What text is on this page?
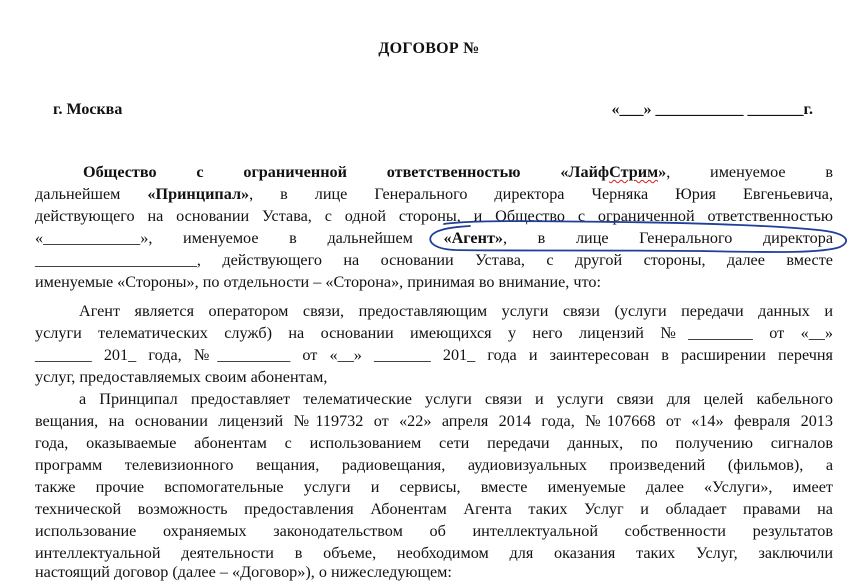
ДОГОВОР №
г. Москва	«___» ___________ _______г.
Общество с ограниченной ответственностью «ЛайфСтрим», именуемое в
дальнейшем «Принципал», в лице Генерального директора Черняка Юрия Евгеньевича,
действующего на основании Устава, с одной стороны, и Общество с ограниченной ответственностью
«____________», именуемое в дальнейшем «Агент», в лице Генерального директора
____________________, действующего на основании Устава, с другой стороны, далее вместе
именуемые «Стороны», по отдельности – «Сторона», принимая во внимание, что:
Агент является оператором связи, предоставляющим услуги связи (услуги передачи данных и
услуги телематических служб) на основании имеющихся у него лицензий №________ от «__»
_______ 201_ года, №_________ от «__» _______ 201_ года и заинтересован в расширении перечня
услуг, предоставляемых своим абонентам,
а Принципал предоставляет телематические услуги связи и услуги связи для целей кабельного
вещания, на основании лицензий №119732 от «22» апреля 2014 года, №107668 от «14» февраля 2013
года, оказываемые абонентам с использованием сети передачи данных, по получению сигналов
программ телевизионного вещания, радиовещания, аудиовизуальных произведений (фильмов), а
также прочие вспомогательные услуги и сервисы, вместе именуемые далее «Услуги», имеет
технической возможность предоставления Абонентам Агента таких Услуг и обладает правами на
использование охраняемых законодательством об интеллектуальной собственности результатов
интеллектуальной деятельности в объеме, необходимом для оказания таких Услуг, заключили
настоящий договор (далее – «Договор»), о нижеследующем:
